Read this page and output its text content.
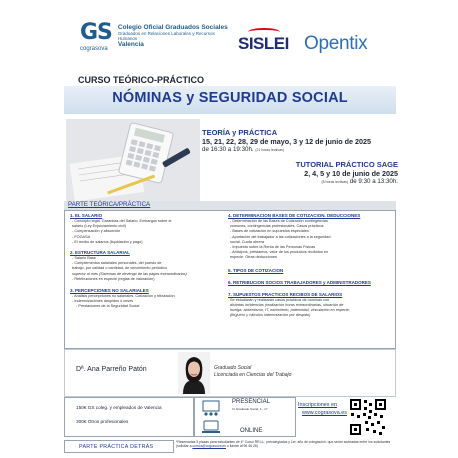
GS Colegio Oficial Graduados Sociales
Graduados en Relaciones Laborales y Recursos Humanos
Valencia
cograsova	SISLEI Opentix
CURSO TEÓRICO-PRÁCTICO
NÓMINAS y SEGURIDAD SOCIAL
TEORÍA y PRÁCTICA
15, 21, 22, 28, 29 de mayo, 3 y 12 de junio de 2025
de 16:30 a 19:30h. (21 horas lectivas)
TUTORIAL PRÁCTICO SAGE
2, 4, 5 y 10 de junio de 2025
(8 horas lectivas) de 9:30 a 13:30h.
PARTE TEÓRICA/PRÁCTICA
1. EL SALARIO
- Concepto legal. Garantías del Salario. Embargos sobre el
salario (Ley Enjuiciamiento civil)
- Compensación y absorción
- FOGASA
- El recibo de salarios (liquidación y pago)
2. ESTRUCTURA SALARIAL
- Salario Base
- Complementos salariales personales, del puesto de
trabajo, por calidad o cantidad, de vencimiento periódico
superior al mes (Sistemas de devengo de las pagas extraordinarias)
- Retribuciones en especie (reglas de valoración)
3. PERCEPCIONES NO SALARIALES
- Análisis percepciones no salariales. Cotización y tributación
- Indemnizaciones despidos o ceses
- Prestaciones de la Seguridad Social
4. DETERMINACION BASES DE COTIZACION. DEDUCCIONES
- Determinación de las Bases de Cotización contingencias
comunes, contingencias profesionales. Casos prácticos
- Bases de cotización en supuestos especiales
- Aportación del trabajador a las cotizaciones a la seguridad
social. Cuota obrera
- Impuesto sobre la Renta de las Personas Físicas
- Anticipos, préstamos, valor de los productos recibidos en
especie. Otras deducciones
5. TIPOS DE COTIZACION
6. RETRIBUCION SOCIOS TRABAJADORES y ADMINISTRADORES
7. SUPUESTOS PRACTICOS RECIBOS DE SALARIOS
Se estudiarán y realizarán casos prácticos de nóminas con
distintas incidencias (realización horas extraordinarias, situación de
huelga, absentismo, IT, nacimiento, paternidad, vinculación en especie,
(fin)juicio y cálculos indemnización por despido)
Dª. Ana Parreño Patón	Graduado Social
Licenciada en Ciencias del Trabajo
150€ GS coleg. y empleados de Valencia
300€ Otros profesionales
PRESENCIAL
C/ Graduado Social, 1 - 17
ONLINE
Inscripciones en
www.cograsova.es
PARTE PRÁCTICA DETRÁS
*Reservadas 5 plazas para estudiantes de 4º Curso RR.LL. precolegiados y 1er. año de colegiación, que serán sorteadas entre los solicitantes (solicitar a cursos@cograsova.es o llamar al 96 46 26)
